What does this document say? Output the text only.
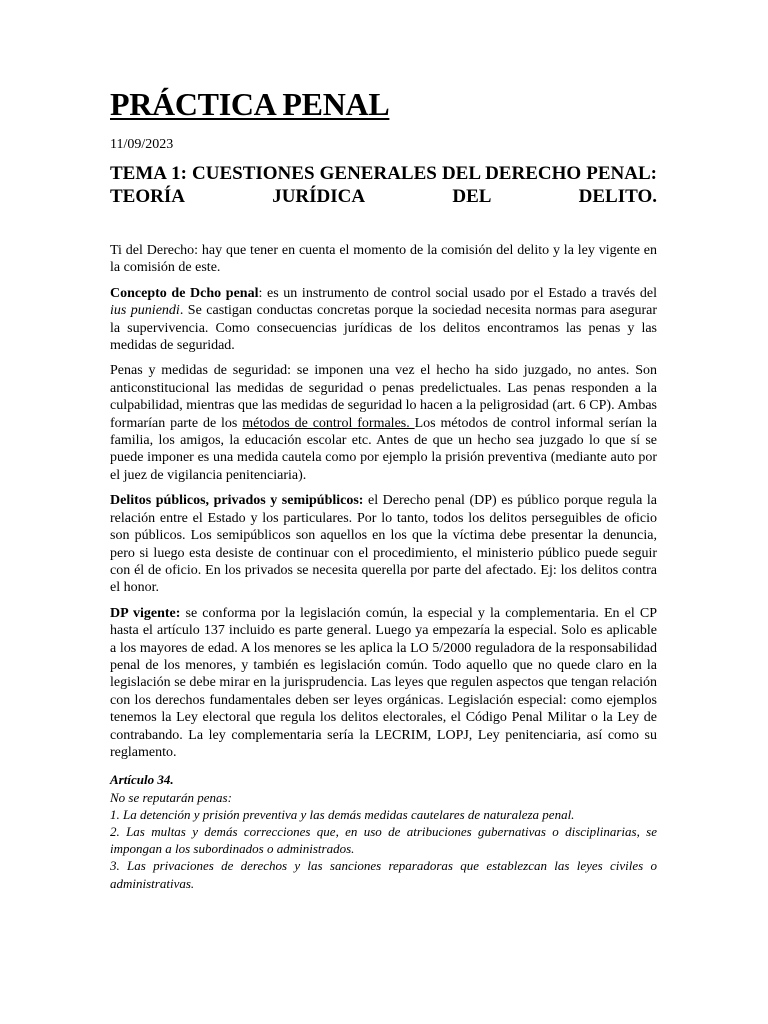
PRÁCTICA PENAL
11/09/2023
TEMA 1: CUESTIONES GENERALES DEL DERECHO PENAL: TEORÍA JURÍDICA DEL DELITO.

Ti del Derecho: hay que tener en cuenta el momento de la comisión del delito y la ley vigente en la comisión de este.

Concepto de Dcho penal: es un instrumento de control social usado por el Estado a través del ius puniendi. Se castigan conductas concretas porque la sociedad necesita normas para asegurar la supervivencia. Como consecuencias jurídicas de los delitos encontramos las penas y las medidas de seguridad.

Penas y medidas de seguridad: se imponen una vez el hecho ha sido juzgado, no antes. Son anticonstitucional las medidas de seguridad o penas predelictuales. Las penas responden a la culpabilidad, mientras que las medidas de seguridad lo hacen a la peligrosidad (art. 6 CP). Ambas formarían parte de los métodos de control formales. Los métodos de control informal serían la familia, los amigos, la educación escolar etc. Antes de que un hecho sea juzgado lo que sí se puede imponer es una medida cautela como por ejemplo la prisión preventiva (mediante auto por el juez de vigilancia penitenciaria).

Delitos públicos, privados y semipúblicos: el Derecho penal (DP) es público porque regula la relación entre el Estado y los particulares. Por lo tanto, todos los delitos perseguibles de oficio son públicos. Los semipúblicos son aquellos en los que la víctima debe presentar la denuncia, pero si luego esta desiste de continuar con el procedimiento, el ministerio público puede seguir con él de oficio. En los privados se necesita querella por parte del afectado. Ej: los delitos contra el honor.

DP vigente: se conforma por la legislación común, la especial y la complementaria. En el CP hasta el artículo 137 incluido es parte general. Luego ya empezaría la especial. Solo es aplicable a los mayores de edad. A los menores se les aplica la LO 5/2000 reguladora de la responsabilidad penal de los menores, y también es legislación común. Todo aquello que no quede claro en la legislación se debe mirar en la jurisprudencia. Las leyes que regulen aspectos que tengan relación con los derechos fundamentales deben ser leyes orgánicas. Legislación especial: como ejemplos tenemos la Ley electoral que regula los delitos electorales, el Código Penal Militar o la Ley de contrabando. La ley complementaria sería la LECRIM, LOPJ, Ley penitenciaria, así como su reglamento.

Artículo 34.
No se reputarán penas:
1. La detención y prisión preventiva y las demás medidas cautelares de naturaleza penal.
2. Las multas y demás correcciones que, en uso de atribuciones gubernativas o disciplinarias, se impongan a los subordinados o administrados.
3. Las privaciones de derechos y las sanciones reparadoras que establezcan las leyes civiles o administrativas.
